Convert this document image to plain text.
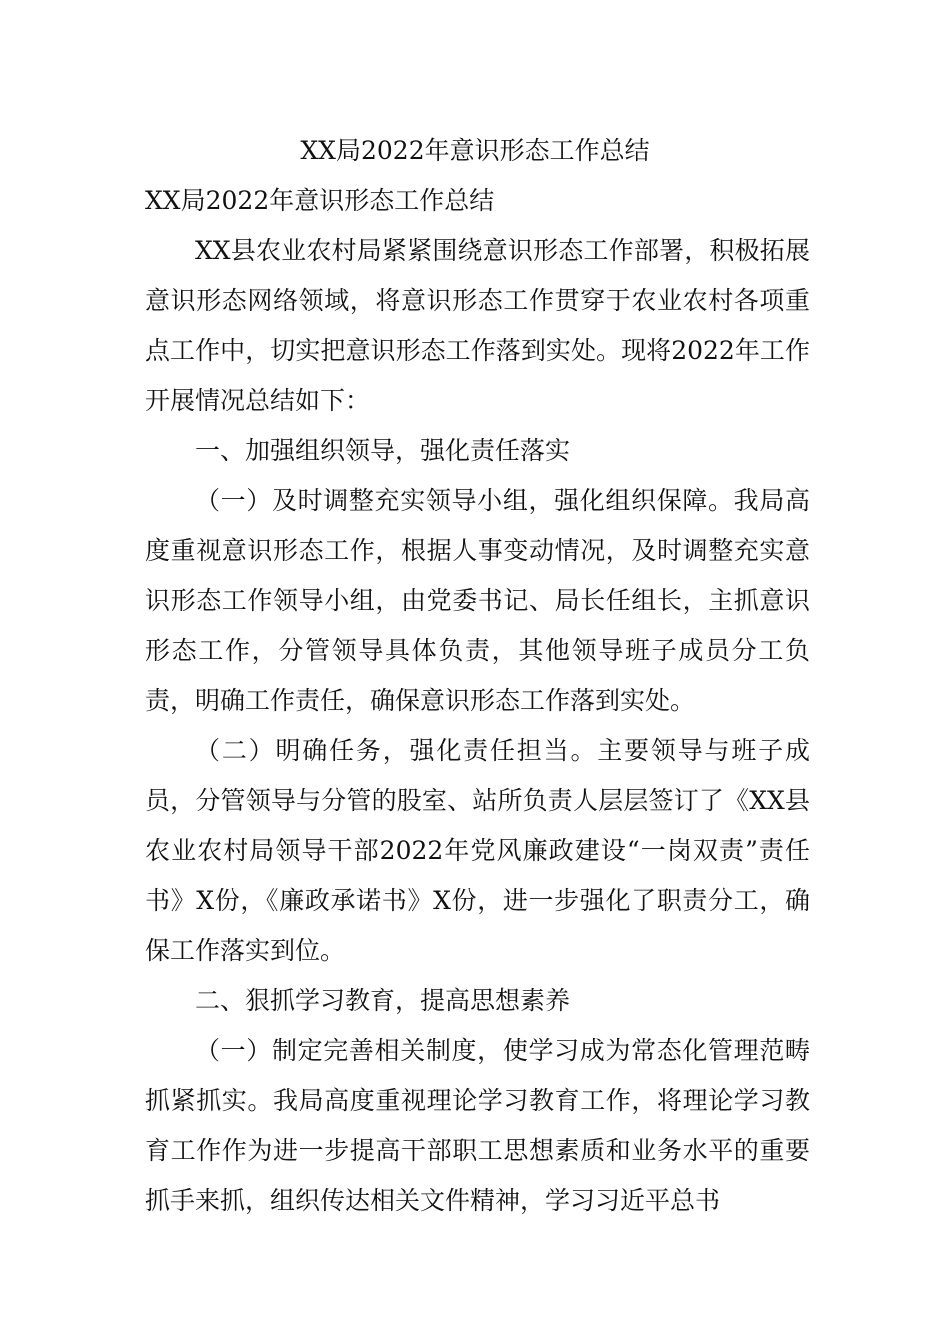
XX局2022年意识形态工作总结
XX局2022年意识形态工作总结

XX县农业农村局紧紧围绕意识形态工作部署，积极拓展意识形态网络领域，将意识形态工作贯穿于农业农村各项重点工作中，切实把意识形态工作落到实处。现将2022年工作开展情况总结如下：

一、加强组织领导，强化责任落实

（一）及时调整充实领导小组，强化组织保障。我局高度重视意识形态工作，根据人事变动情况，及时调整充实意识形态工作领导小组，由党委书记、局长任组长，主抓意识形态工作，分管领导具体负责，其他领导班子成员分工负责，明确工作责任，确保意识形态工作落到实处。

（二）明确任务，强化责任担当。主要领导与班子成员，分管领导与分管的股室、站所负责人层层签订了《XX县农业农村局领导干部2022年党风廉政建设“一岗双责”责任书》X份，《廉政承诺书》X份，进一步强化了职责分工，确保工作落实到位。

二、狠抓学习教育，提高思想素养

（一）制定完善相关制度，使学习成为常态化管理范畴抓紧抓实。我局高度重视理论学习教育工作，将理论学习教育工作作为进一步提高干部职工思想素质和业务水平的重要抓手来抓，组织传达相关文件精神，学习习近平总书
